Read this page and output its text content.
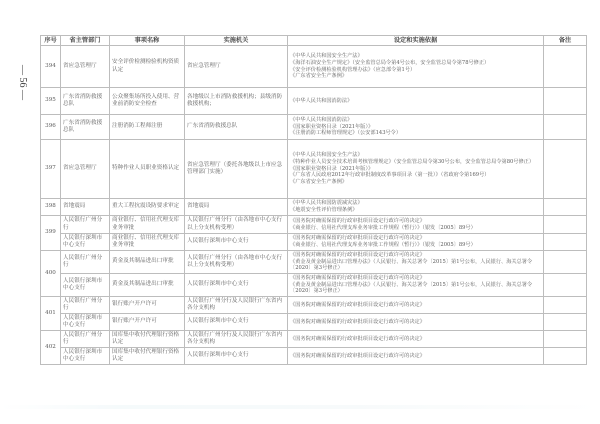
— 56 —
序号	省主管部门	事项名称	实施机关	设定和实施依据	备注
394	省应急管理厅	安全评价检测检验机构资质认定	省应急管理厅	《中华人民共和国安全生产法》
《海洋石油安全生产规定》（安全监管总局令第4号公布，安全监管总局令第78号修正）
《安全评价检测检验机构管理办法》（应急部令第1号）
《广东省安全生产条例》	

395	广东省消防救援总队	公众聚集场所投入使用、营业前消防安全检查	各地级以上市消防救援机构；县级消防救援机构；	《中华人民共和国消防法》	

396	广东省消防救援总队	注册消防工程师注册	广东省消防救援总队	《中华人民共和国消防法》
《国家职业资格目录（2021年版）》
《注册消防工程师管理规定》（公安部143号令）	

397	省应急管理厅	特种作业人员职业资格认定	省应急管理厅（委托各地级以上市应急管理部门实施）	《中华人民共和国安全生产法》
《特种作业人员安全技术培训考核管理规定》（安全监管总局令第30号公布，安全监管总局令第80号修正）
《国家职业资格目录（2021年版）》
《广东省人民政府2012年行政审批制度改革事项目录（第一批）》（省政府令第169号）
《广东省安全生产条例》	

398	省地震局	重大工程抗震设防要求审定	省地震局	《中华人民共和国防震减灾法》
《地震安全性评价管理条例》	

399	人民银行广州分行	商业银行、信用社代理支库业务审批	人民银行广州分行（由各地市中心支行以上分支机构受理）	《国务院对确需保留的行政审批项目设定行政许可的决定》
《商业银行、信用社代理支库业务审批工作规程（暂行）》（银发〔2005〕89号）	

	人民银行深圳市中心支行	商业银行、信用社代理支库业务审批	人民银行深圳市中心支行	《国务院对确需保留的行政审批项目设定行政许可的决定》
《商业银行、信用社代理支库业务审批工作规程（暂行）》（银发〔2005〕89号）	

400	人民银行广州分行	黄金及其制品进出口审批	人民银行广州分行（由各地市中心支行以上分支机构受理）	《国务院对确需保留的行政审批项目设定行政许可的决定》
《黄金及黄金制品进出口管理办法》（人民银行、海关总署令〔2015〕第1号公布，人民银行、海关总署令〔2020〕第3号修正）	

	人民银行深圳市中心支行	黄金及其制品进出口审批	人民银行深圳市中心支行	《国务院对确需保留的行政审批项目设定行政许可的决定》
《黄金及黄金制品进出口管理办法》（人民银行、海关总署令〔2015〕第1号公布，人民银行、海关总署令〔2020〕第3号修正）	

401	人民银行广州分行	银行账户开户许可	人民银行广州分行及人民银行广东省内各分支机构	《国务院对确需保留的行政审批项目设定行政许可的决定》	

	人民银行深圳市中心支行	银行账户开户许可	人民银行深圳市中心支行	《国务院对确需保留的行政审批项目设定行政许可的决定》	

402	人民银行广州分行	国库集中收付代理银行资格认定	人民银行广州分行及人民银行广东省内各分支机构	《国务院对确需保留的行政审批项目设定行政许可的决定》	

	人民银行深圳市中心支行	国库集中收付代理银行资格认定	人民银行深圳市中心支行	《国务院对确需保留的行政审批项目设定行政许可的决定》	
